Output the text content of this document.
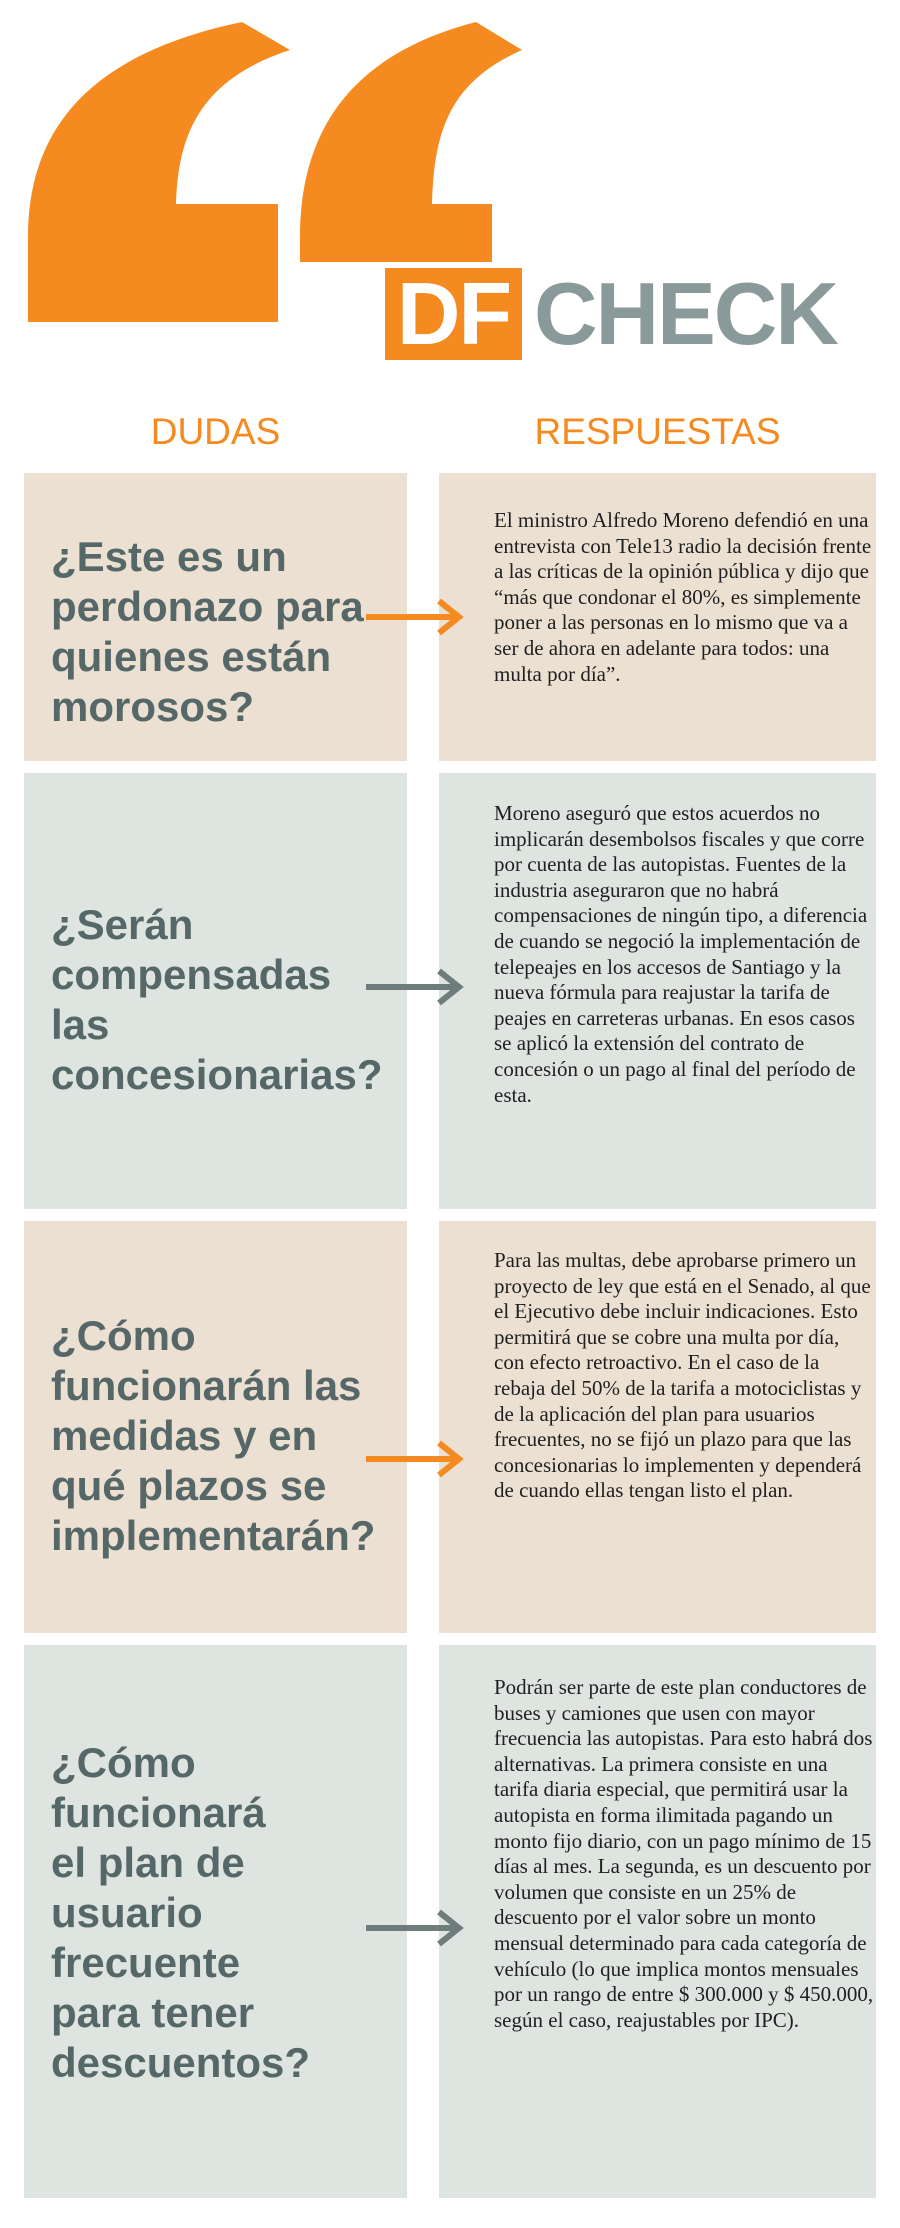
DF CHECK
DUDAS	RESPUESTAS

¿Este es un perdonazo para quienes están morosos?

El ministro Alfredo Moreno defendió en una entrevista con Tele13 radio la decisión frente a las críticas de la opinión pública y dijo que “más que condonar el 80%, es simplemente poner a las personas en lo mismo que va a ser de ahora en adelante para todos: una multa por día”.

¿Serán compensadas las concesionarias?

Moreno aseguró que estos acuerdos no implicarán desembolsos fiscales y que corre por cuenta de las autopistas. Fuentes de la industria aseguraron que no habrá compensaciones de ningún tipo, a diferencia de cuando se negoció la implementación de telepeajes en los accesos de Santiago y la nueva fórmula para reajustar la tarifa de peajes en carreteras urbanas. En esos casos se aplicó la extensión del contrato de concesión o un pago al final del período de esta.

¿Cómo funcionarán las medidas y en qué plazos se implementarán?

Para las multas, debe aprobarse primero un proyecto de ley que está en el Senado, al que el Ejecutivo debe incluir indicaciones. Esto permitirá que se cobre una multa por día, con efecto retroactivo. En el caso de la rebaja del 50% de la tarifa a motociclistas y de la aplicación del plan para usuarios frecuentes, no se fijó un plazo para que las concesionarias lo implementen y dependerá de cuando ellas tengan listo el plan.

¿Cómo funcionará el plan de usuario frecuente para tener descuentos?

Podrán ser parte de este plan conductores de buses y camiones que usen con mayor frecuencia las autopistas. Para esto habrá dos alternativas. La primera consiste en una tarifa diaria especial, que permitirá usar la autopista en forma ilimitada pagando un monto fijo diario, con un pago mínimo de 15 días al mes. La segunda, es un descuento por volumen que consiste en un 25% de descuento por el valor sobre un monto mensual determinado para cada categoría de vehículo (lo que implica montos mensuales por un rango de entre $ 300.000 y $ 450.000, según el caso, reajustables por IPC).
